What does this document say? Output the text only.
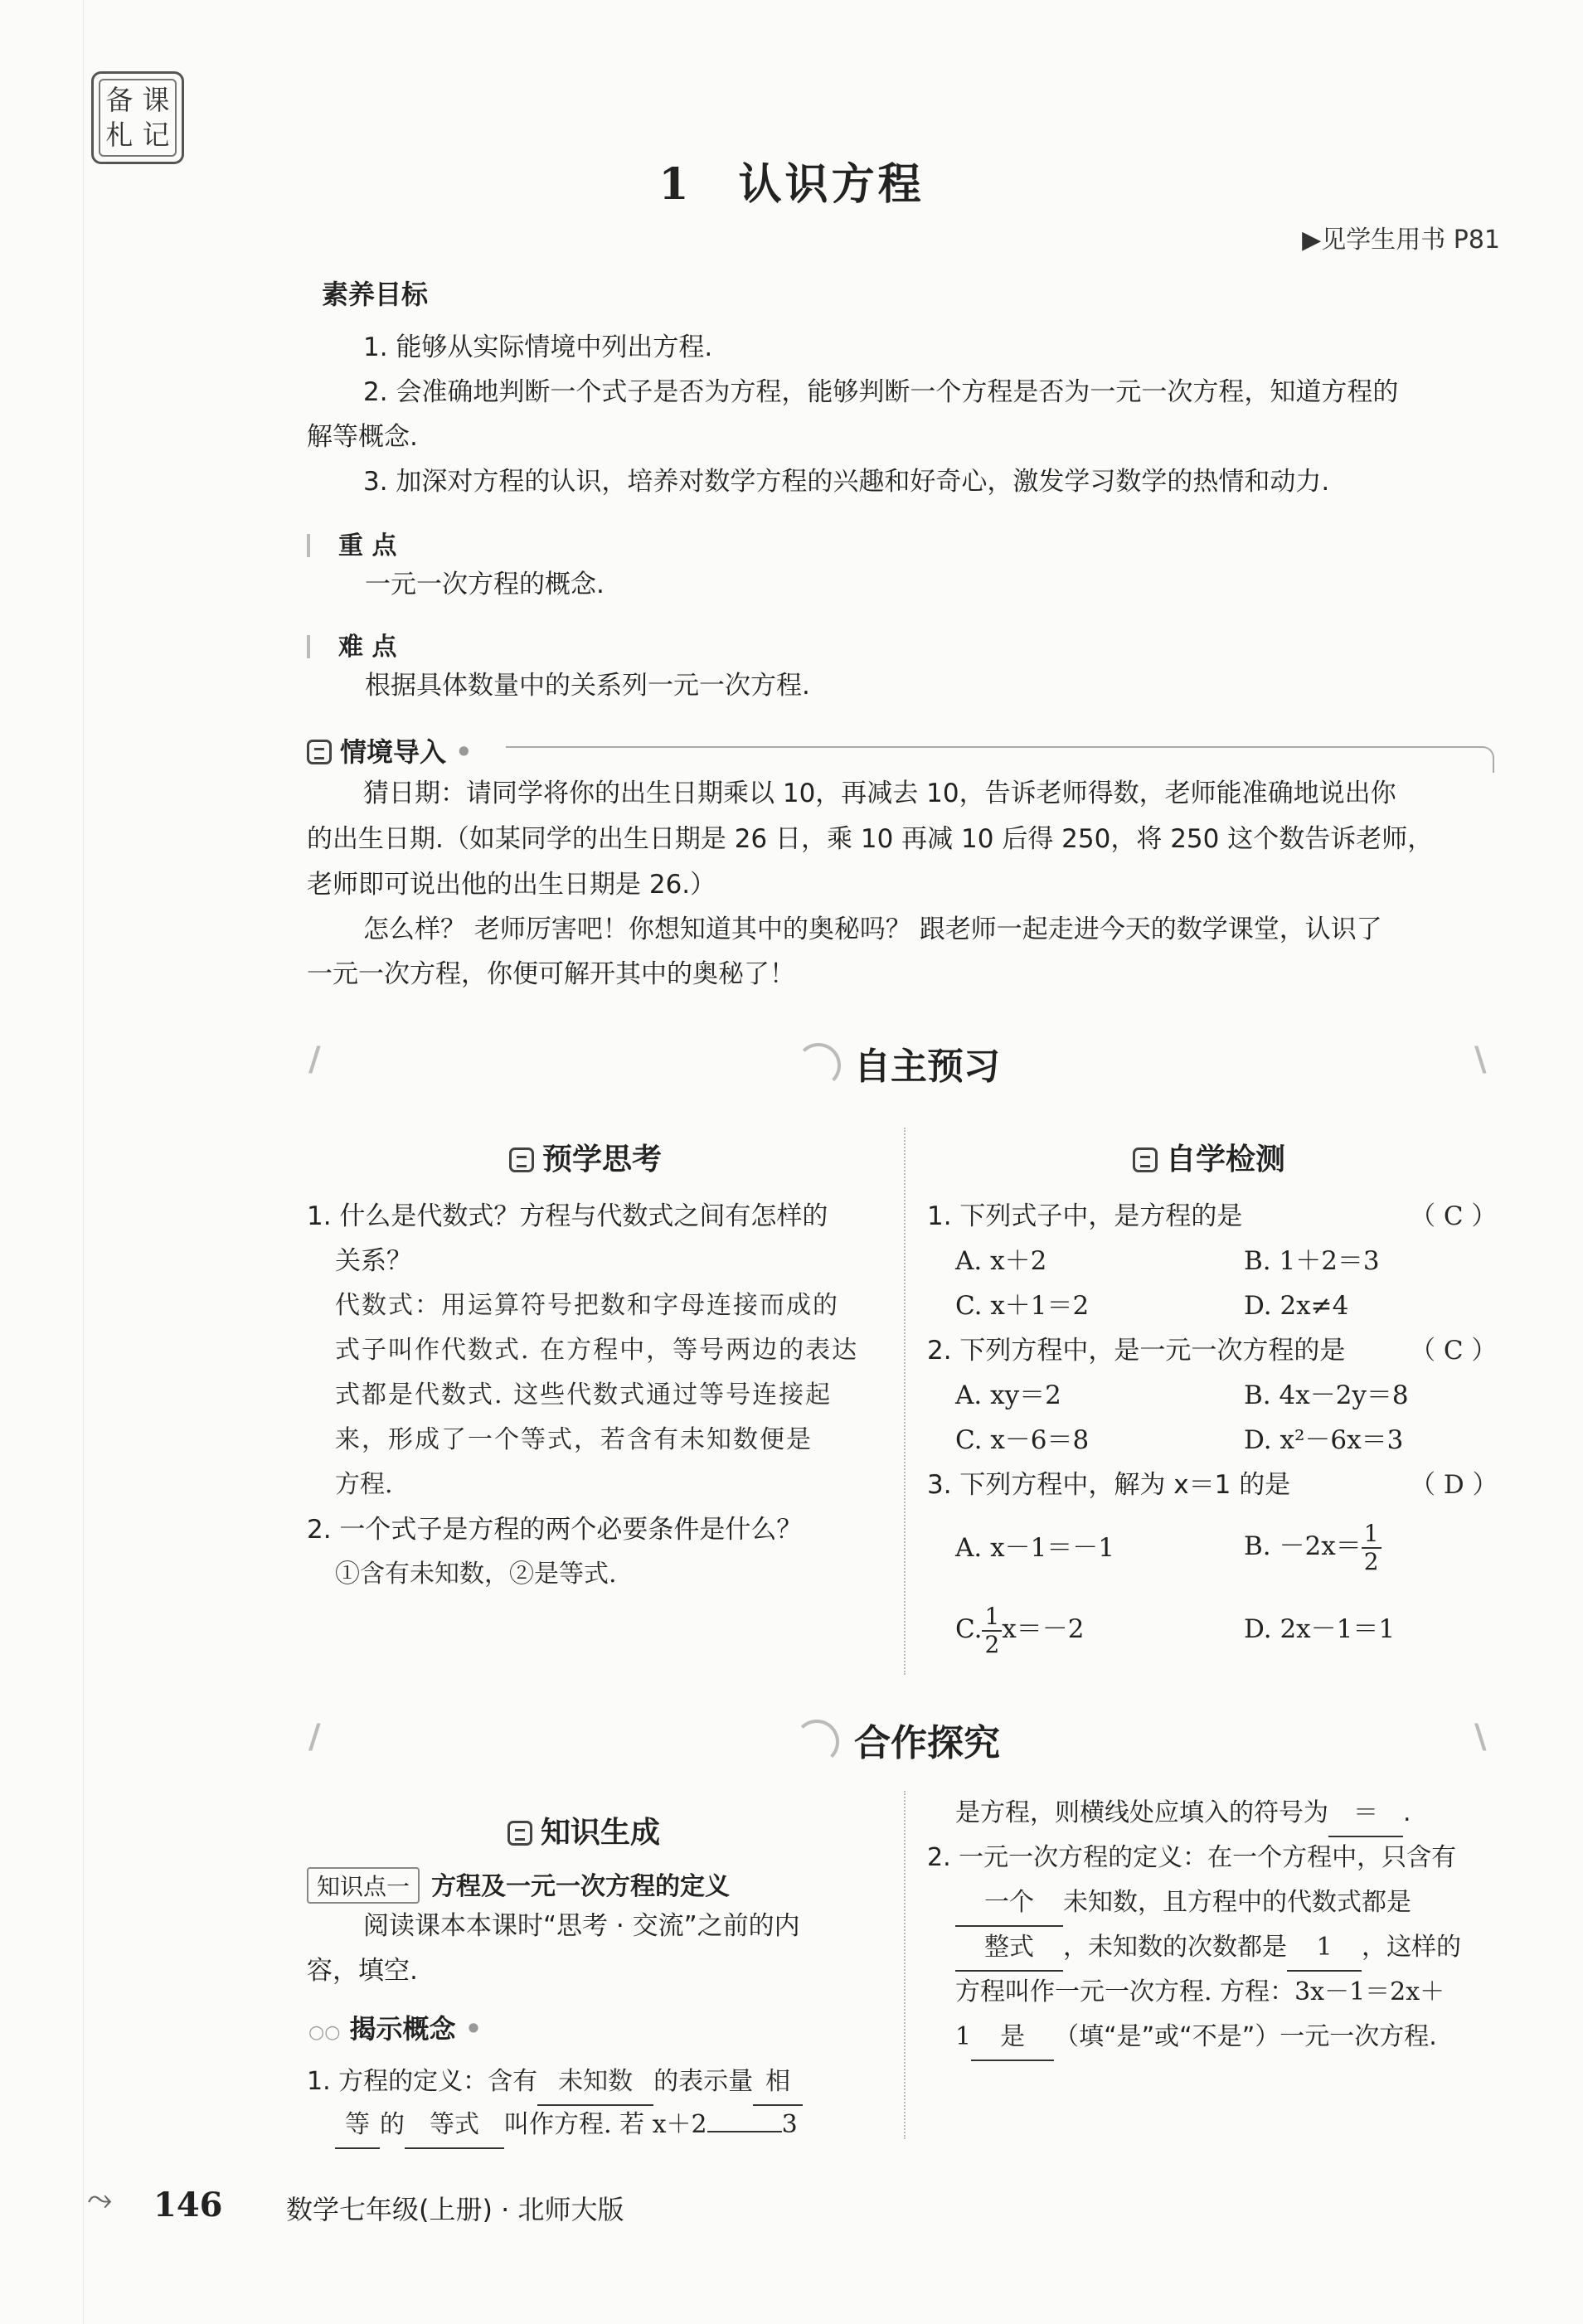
备 课
札 记
1　认识方程
▶见学生用书 P81
素养目标
1. 能够从实际情境中列出方程.
2. 会准确地判断一个式子是否为方程，能够判断一个方程是否为一元一次方程，知道方程的
解等概念.
3. 加深对方程的认识，培养对数学方程的兴趣和好奇心，激发学习数学的热情和动力.
重 点
一元一次方程的概念.
难 点
根据具体数量中的关系列一元一次方程.
情境导入 •
猜日期：请同学将你的出生日期乘以 10，再减去 10，告诉老师得数，老师能准确地说出你
的出生日期.（如某同学的出生日期是 26 日，乘 10 再减 10 后得 250，将 250 这个数告诉老师，
老师即可说出他的出生日期是 26.）
怎么样？ 老师厉害吧！你想知道其中的奥秘吗？ 跟老师一起走进今天的数学课堂，认识了
一元一次方程，你便可解开其中的奥秘了！
/	\
自主预习
预学思考
1. 什么是代数式？方程与代数式之间有怎样的
关系？
代数式：用运算符号把数和字母连接而成的
式子叫作代数式. 在方程中，等号两边的表达
式都是代数式. 这些代数式通过等号连接起
来，形成了一个等式，若含有未知数便是
方程.
2. 一个式子是方程的两个必要条件是什么？
①含有未知数，②是等式.
自学检测
1. 下列式子中，是方程的是	（ C ）
A. x＋2	B. 1＋2＝3
C. x＋1＝2	D. 2x≠4
2. 下列方程中，是一元一次方程的是	（ C ）
A. xy＝2	B. 4x－2y＝8
C. x－6＝8	D. x²－6x＝3
3. 下列方程中，解为 x＝1 的是	（ D ）
A. x－1＝－1	B. $-2x= \frac{1}{2}$
C. $\frac{1}{2} x=-2$	D. 2x－1＝1
/	\
合作探究
知识生成
知识点一 方程及一元一次方程的定义
阅读课本本课时“思考 · 交流”之前的内
容，填空.
○○ 揭示概念 •
1. 方程的定义：含有 未知数 的表示量 相
等 的 等式 叫作方程. 若 x＋2	3
是方程，则横线处应填入的符号为 ＝ .
2. 一元一次方程的定义：在一个方程中，只含有
一个 未知数，且方程中的代数式都是
整式 ，未知数的次数都是 1 ，这样的
方程叫作一元一次方程. 方程：3x－1＝2x＋
1 是 （填“是”或“不是”）一元一次方程.
⤳ 146 数学七年级(上册) · 北师大版
